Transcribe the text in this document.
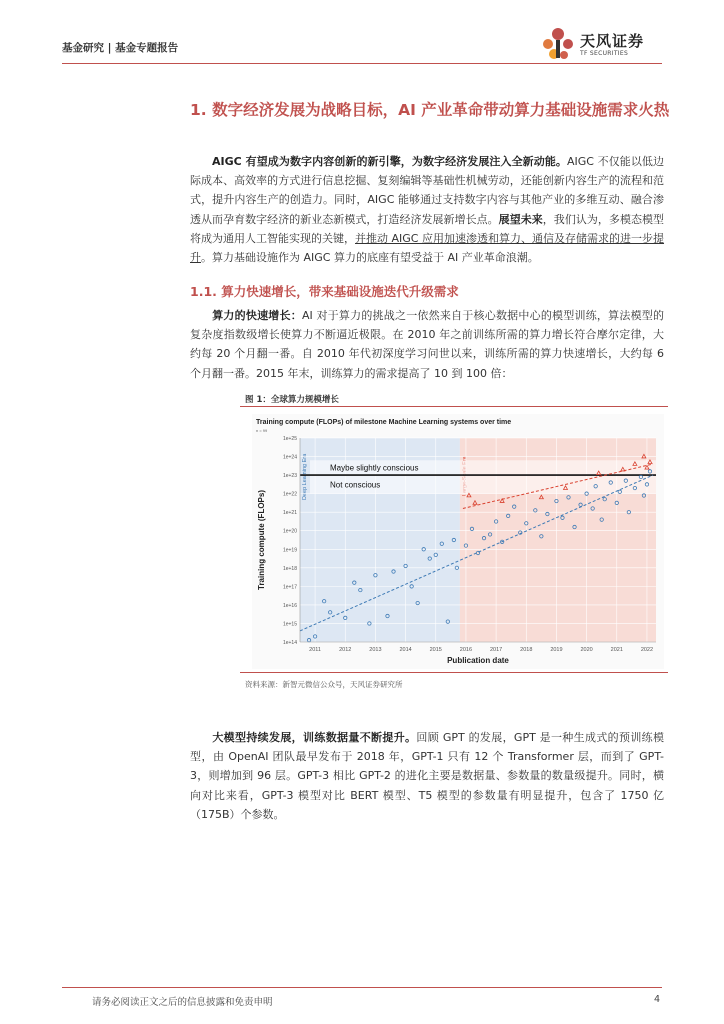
基金研究 | 基金专题报告	天风证券
TF SECURITIES
1. 数字经济发展为战略目标，AI 产业革命带动算力基础设施需求火热
AIGC 有望成为数字内容创新的新引擎，为数字经济发展注入全新动能。AIGC 不仅能以低边际成本、高效率的方式进行信息挖掘、复刻编辑等基础性机械劳动，还能创新内容生产的流程和范式，提升内容生产的创造力。同时，AIGC 能够通过支持数字内容与其他产业的多维互动、融合渗透从而孕育数字经济的新业态新模式，打造经济发展新增长点。展望未来，我们认为，多模态模型将成为通用人工智能实现的关键，并推动 AIGC 应用加速渗透和算力、通信及存储需求的进一步提升。算力基础设施作为 AIGC 算力的底座有望受益于 AI 产业革命浪潮。
1.1. 算力快速增长，带来基础设施迭代升级需求
算力的快速增长：AI 对于算力的挑战之一依然来自于核心数据中心的模型训练，算法模型的复杂度指数级增长使算力不断逼近极限。在 2010 年之前训练所需的算力增长符合摩尔定律，大约每 20 个月翻一番。自 2010 年代初深度学习问世以来，训练所需的算力快速增长，大约每 6 个月翻一番。2015 年末，训练算力的需求提高了 10 到 100 倍：
图 1：全球算力规模增长
Training compute (FLOPs) of milestone Machine Learning systems over time
n = 99
Deep Learning Era
1e+14
1e+15
1e+16
1e+17
1e+18
1e+19
1e+20
1e+21
1e+22
1e+23
1e+24
1e+25
2011	2012	2013	2014	2015	2016	2017	2018	2019	2020	2021	2022
Maybe slightly conscious
Not conscious
Publication date
Training compute (FLOPs)
资料来源：新智元微信公众号，天风证券研究所
大模型持续发展，训练数据量不断提升。回顾 GPT 的发展，GPT 是一种生成式的预训练模型，由 OpenAI 团队最早发布于 2018 年，GPT-1 只有 12 个 Transformer 层，而到了 GPT-3，则增加到 96 层。GPT-3 相比 GPT-2 的进化主要是数据量、参数量的数量级提升。同时，横向对比来看，GPT-3 模型对比 BERT 模型、T5 模型的参数量有明显提升，包含了 1750 亿（175B）个参数。
请务必阅读正文之后的信息披露和免责申明	4
